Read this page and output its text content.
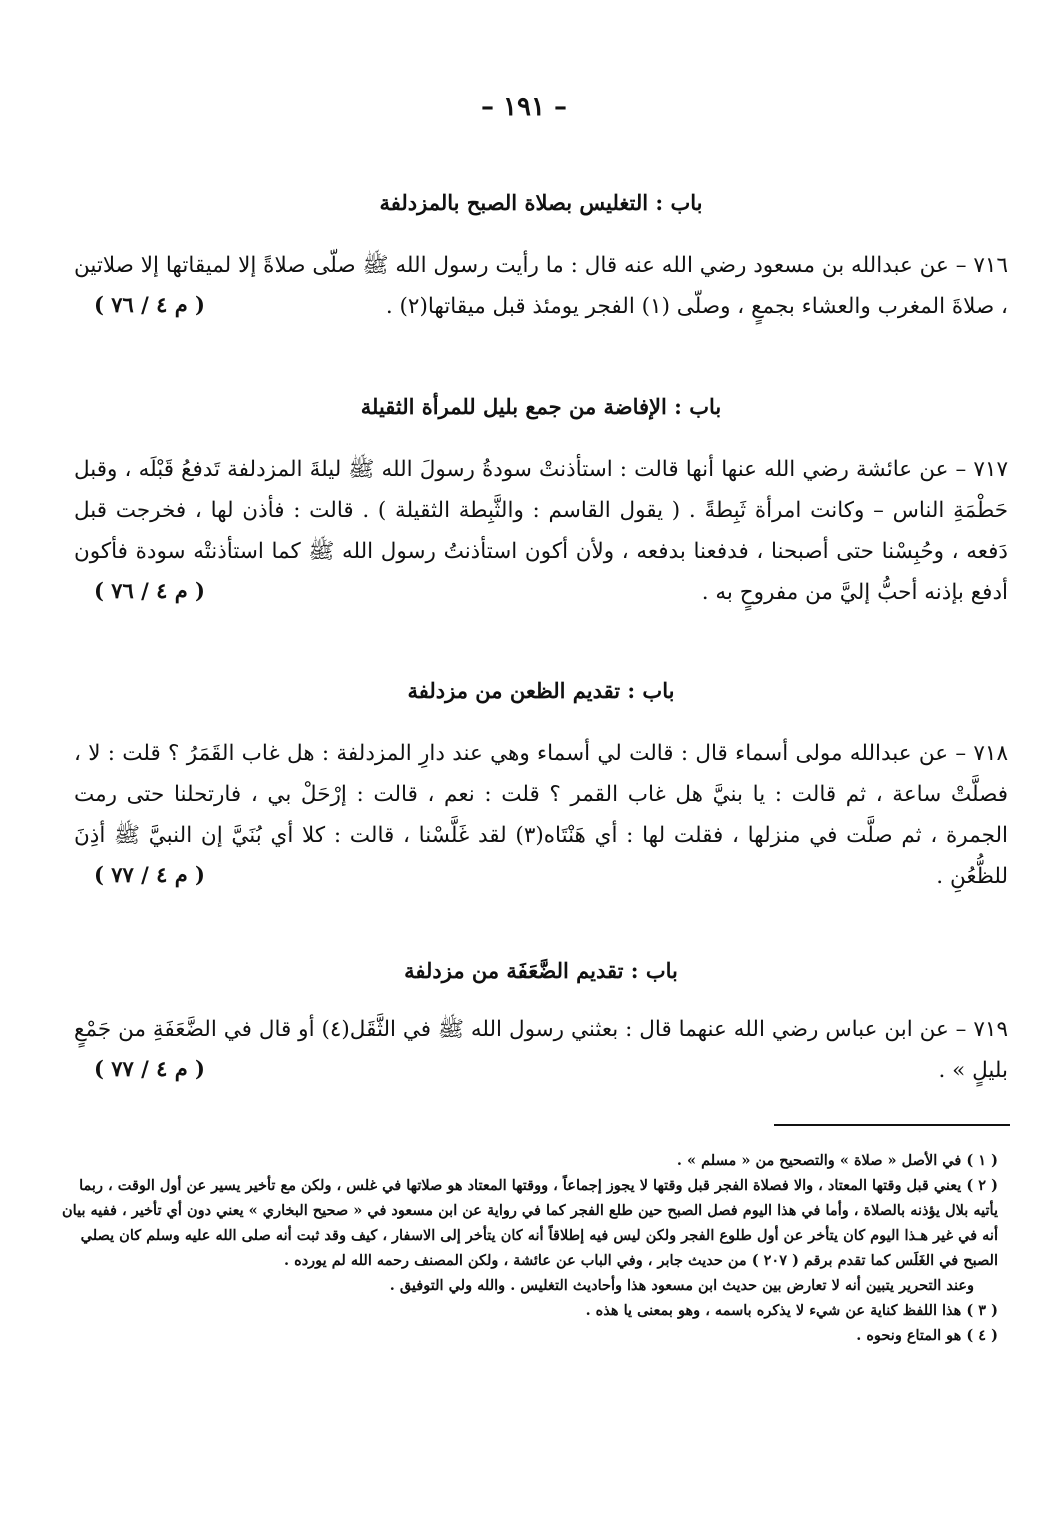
– ١٩١ –
باب : التغليس بصلاة الصبح بالمزدلفة

٧١٦ – عن عبدالله بن مسعود رضي الله عنه قال : ما رأيت رسول الله ﷺ صلّى صلاةً إلا لميقاتها إلا صلاتين ، صلاةَ المغرب والعشاء بجمعٍ ، وصلّى (١) الفجر يومئذ قبل ميقاتها(٢) .

( م ٤ / ٧٦ )
باب : الإفاضة من جمع بليل للمرأة الثقيلة

٧١٧ – عن عائشة رضي الله عنها أنها قالت : استأذنتْ سودةُ رسولَ الله ﷺ ليلةَ المزدلفة تَدفعُ قَبْلَه ، وقبل حَطْمَةِ الناس – وكانت امرأة ثَبِطةً . ( يقول القاسم : والثَّبِطة الثقيلة ) . قالت : فأذن لها ، فخرجت قبل دَفعه ، وحُبِسْنا حتى أصبحنا ، فدفعنا بدفعه ، ولأن أكون استأذنتُ رسول الله ﷺ كما استأذنتْه سودة فأكون أدفع بإذنه أحبُّ إليَّ من مفروحٍ به .

( م ٤ / ٧٦ )
باب : تقديم الظعن من مزدلفة

٧١٨ – عن عبدالله مولى أسماء قال : قالت لي أسماء وهي عند دارِ المزدلفة : هل غاب القَمَرُ ؟ قلت : لا ، فصلَّتْ ساعة ، ثم قالت : يا بنيَّ هل غاب القمر ؟ قلت : نعم ، قالت : إرْحَلْ بي ، فارتحلنا حتى رمت الجمرة ، ثم صلَّت في منزلها ، فقلت لها : أي هَنْتَاه(٣) لقد غَلَّسْنا ، قالت : كلا أي بُنَيَّ إن النبيَّ ﷺ أذِنَ للظُّعُنِ .

( م ٤ / ٧٧ )
باب : تقديم الضَّعَفَة من مزدلفة

٧١٩ – عن ابن عباس رضي الله عنهما قال : بعثني رسول الله ﷺ في الثَّقَل(٤) أو قال في الضَّعَفَةِ من جَمْعٍ بليلٍ » .

( م ٤ / ٧٧ )

( ١ ) في الأصل « صلاة » والتصحيح من « مسلم » .

( ٢ ) يعني قبل وقتها المعتاد ، والا فصلاة الفجر قبل وقتها لا يجوز إجماعاً ، ووقتها المعتاد هو صلاتها في غلس ، ولكن مع تأخير يسير عن أول الوقت ، ربما يأتيه بلال يؤذنه بالصلاة ، وأما في هذا اليوم فصل الصبح حين طلع الفجر كما في رواية عن ابن مسعود في « صحيح البخاري » يعني دون أي تأخير ، ففيه بيان أنه في غير هـذا اليوم كان يتأخر عن أول طلوع الفجر ولكن ليس فيه إطلاقاً أنه كان يتأخر إلى الاسفار ، كيف وقد ثبت أنه صلى الله عليه وسلم كان يصلي الصبح في الغَلَس كما تقدم برقم ( ٢٠٧ ) من حديث جابر ، وفي الباب عن عائشة ، ولكن المصنف رحمه الله لم يورده .

وعند التحرير يتبين أنه لا تعارض بين حديث ابن مسعود هذا وأحاديث التغليس . والله ولي التوفيق .

( ٣ ) هذا اللفظ كناية عن شيء لا يذكره باسمه ، وهو بمعنى يا هذه .

( ٤ ) هو المتاع ونحوه .
